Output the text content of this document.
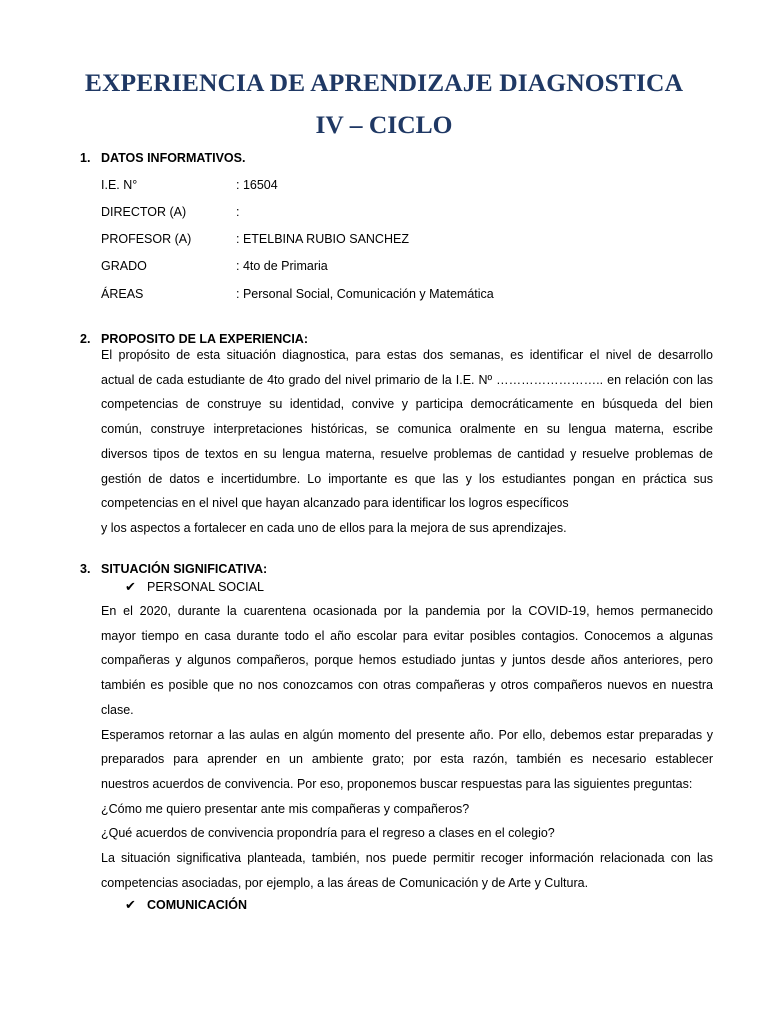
EXPERIENCIA DE APRENDIZAJE DIAGNOSTICA
IV – CICLO
1. DATOS INFORMATIVOS.
I.E. N°	: 16504
DIRECTOR (A)	:
PROFESOR (A)	: ETELBINA RUBIO SANCHEZ
GRADO	: 4to de Primaria
ÁREAS	: Personal Social, Comunicación y Matemática
2. PROPOSITO DE LA EXPERIENCIA:
El propósito de esta situación diagnostica, para estas dos semanas, es identificar el nivel de desarrollo
actual de cada estudiante de 4to grado del nivel primario de la I.E. Nº …………………….. en relación con las
competencias de construye su identidad, convive y participa democráticamente en búsqueda del bien
común, construye interpretaciones históricas, se comunica oralmente en su lengua materna, escribe
diversos tipos de textos en su lengua materna, resuelve problemas de cantidad y resuelve problemas de
gestión de datos e incertidumbre. Lo importante es que las y los estudiantes pongan en práctica sus
competencias en el nivel que hayan alcanzado para identificar los logros específicos
y los aspectos a fortalecer en cada uno de ellos para la mejora de sus aprendizajes.
3. SITUACIÓN SIGNIFICATIVA:
✔ PERSONAL SOCIAL
En el 2020, durante la cuarentena ocasionada por la pandemia por la COVID-19, hemos permanecido
mayor tiempo en casa durante todo el año escolar para evitar posibles contagios. Conocemos a algunas
compañeras y algunos compañeros, porque hemos estudiado juntas y juntos desde años anteriores, pero
también es posible que no nos conozcamos con otras compañeras y otros compañeros nuevos en nuestra
clase.
Esperamos retornar a las aulas en algún momento del presente año. Por ello, debemos estar preparadas y
preparados para aprender en un ambiente grato; por esta razón, también es necesario establecer
nuestros acuerdos de convivencia. Por eso, proponemos buscar respuestas para las siguientes preguntas:
¿Cómo me quiero presentar ante mis compañeras y compañeros?
¿Qué acuerdos de convivencia propondría para el regreso a clases en el colegio?
La situación significativa planteada, también, nos puede permitir recoger información relacionada con las
competencias asociadas, por ejemplo, a las áreas de Comunicación y de Arte y Cultura.
✔ COMUNICACIÓN
